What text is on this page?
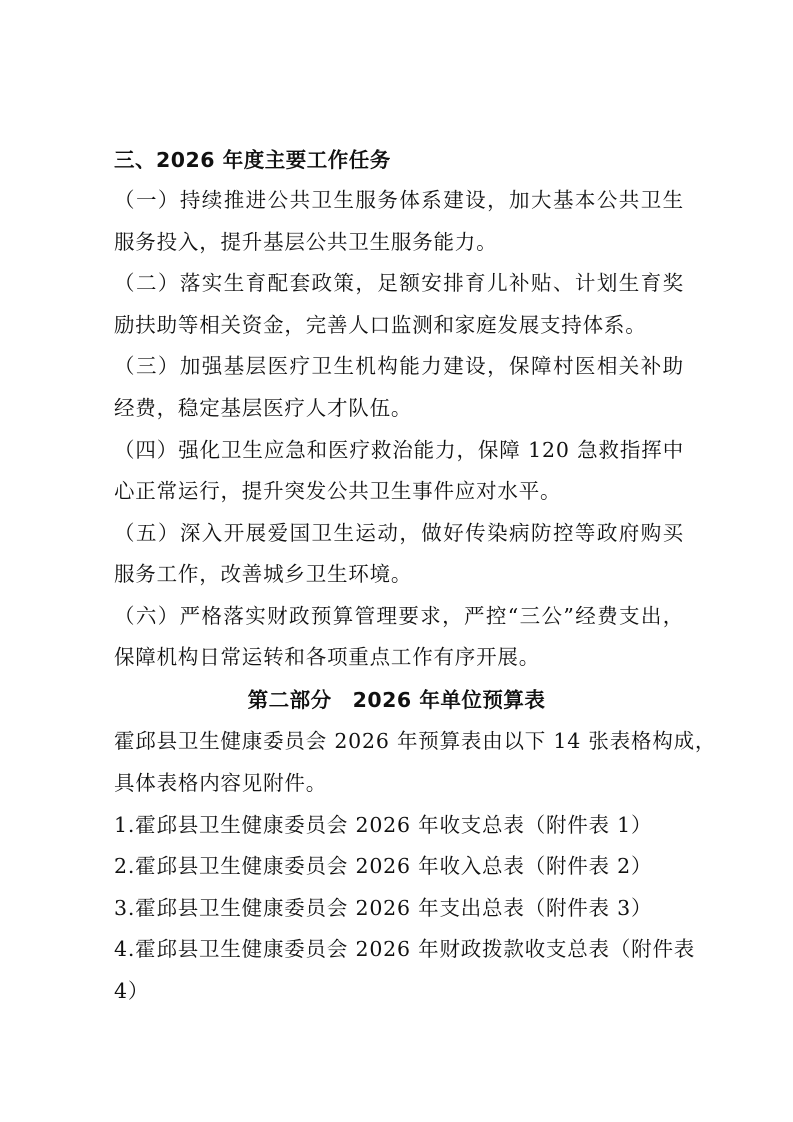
三、2026 年度主要工作任务
（一）持续推进公共卫生服务体系建设，加大基本公共卫生
服务投入，提升基层公共卫生服务能力。
（二）落实生育配套政策，足额安排育儿补贴、计划生育奖
励扶助等相关资金，完善人口监测和家庭发展支持体系。
（三）加强基层医疗卫生机构能力建设，保障村医相关补助
经费，稳定基层医疗人才队伍。
（四）强化卫生应急和医疗救治能力，保障 120 急救指挥中
心正常运行，提升突发公共卫生事件应对水平。
（五）深入开展爱国卫生运动，做好传染病防控等政府购买
服务工作，改善城乡卫生环境。
（六）严格落实财政预算管理要求，严控“三公”经费支出，
保障机构日常运转和各项重点工作有序开展。
第二部分　2026 年单位预算表
霍邱县卫生健康委员会 2026 年预算表由以下 14 张表格构成，
具体表格内容见附件。
1.霍邱县卫生健康委员会 2026 年收支总表（附件表 1）
2.霍邱县卫生健康委员会 2026 年收入总表（附件表 2）
3.霍邱县卫生健康委员会 2026 年支出总表（附件表 3）
4.霍邱县卫生健康委员会 2026 年财政拨款收支总表（附件表
4）
